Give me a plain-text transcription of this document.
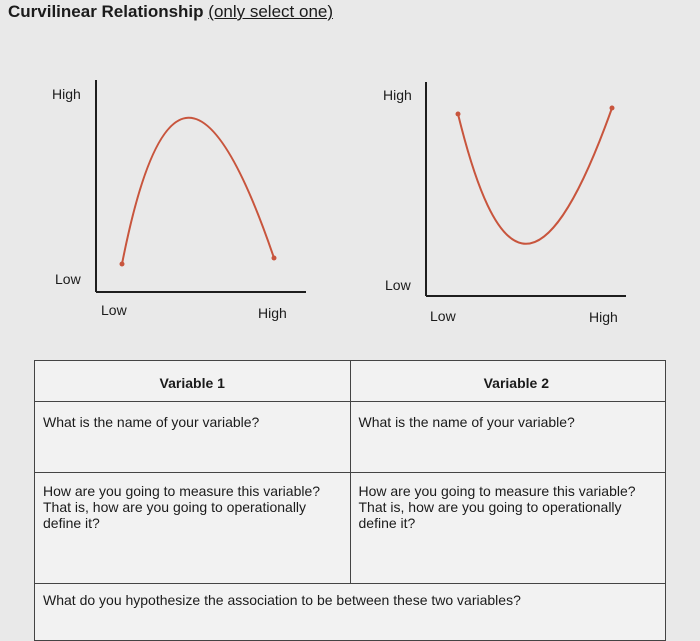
Curvilinear Relationship (only select one)
High
Low
Low	High
High
Low
Low	High
Variable 1	Variable 2
What is the name of your variable?	What is the name of your variable?
How are you going to measure this variable? That is, how are you going to operationally define it?	How are you going to measure this variable? That is, how are you going to operationally define it?
What do you hypothesize the association to be between these two variables?	
